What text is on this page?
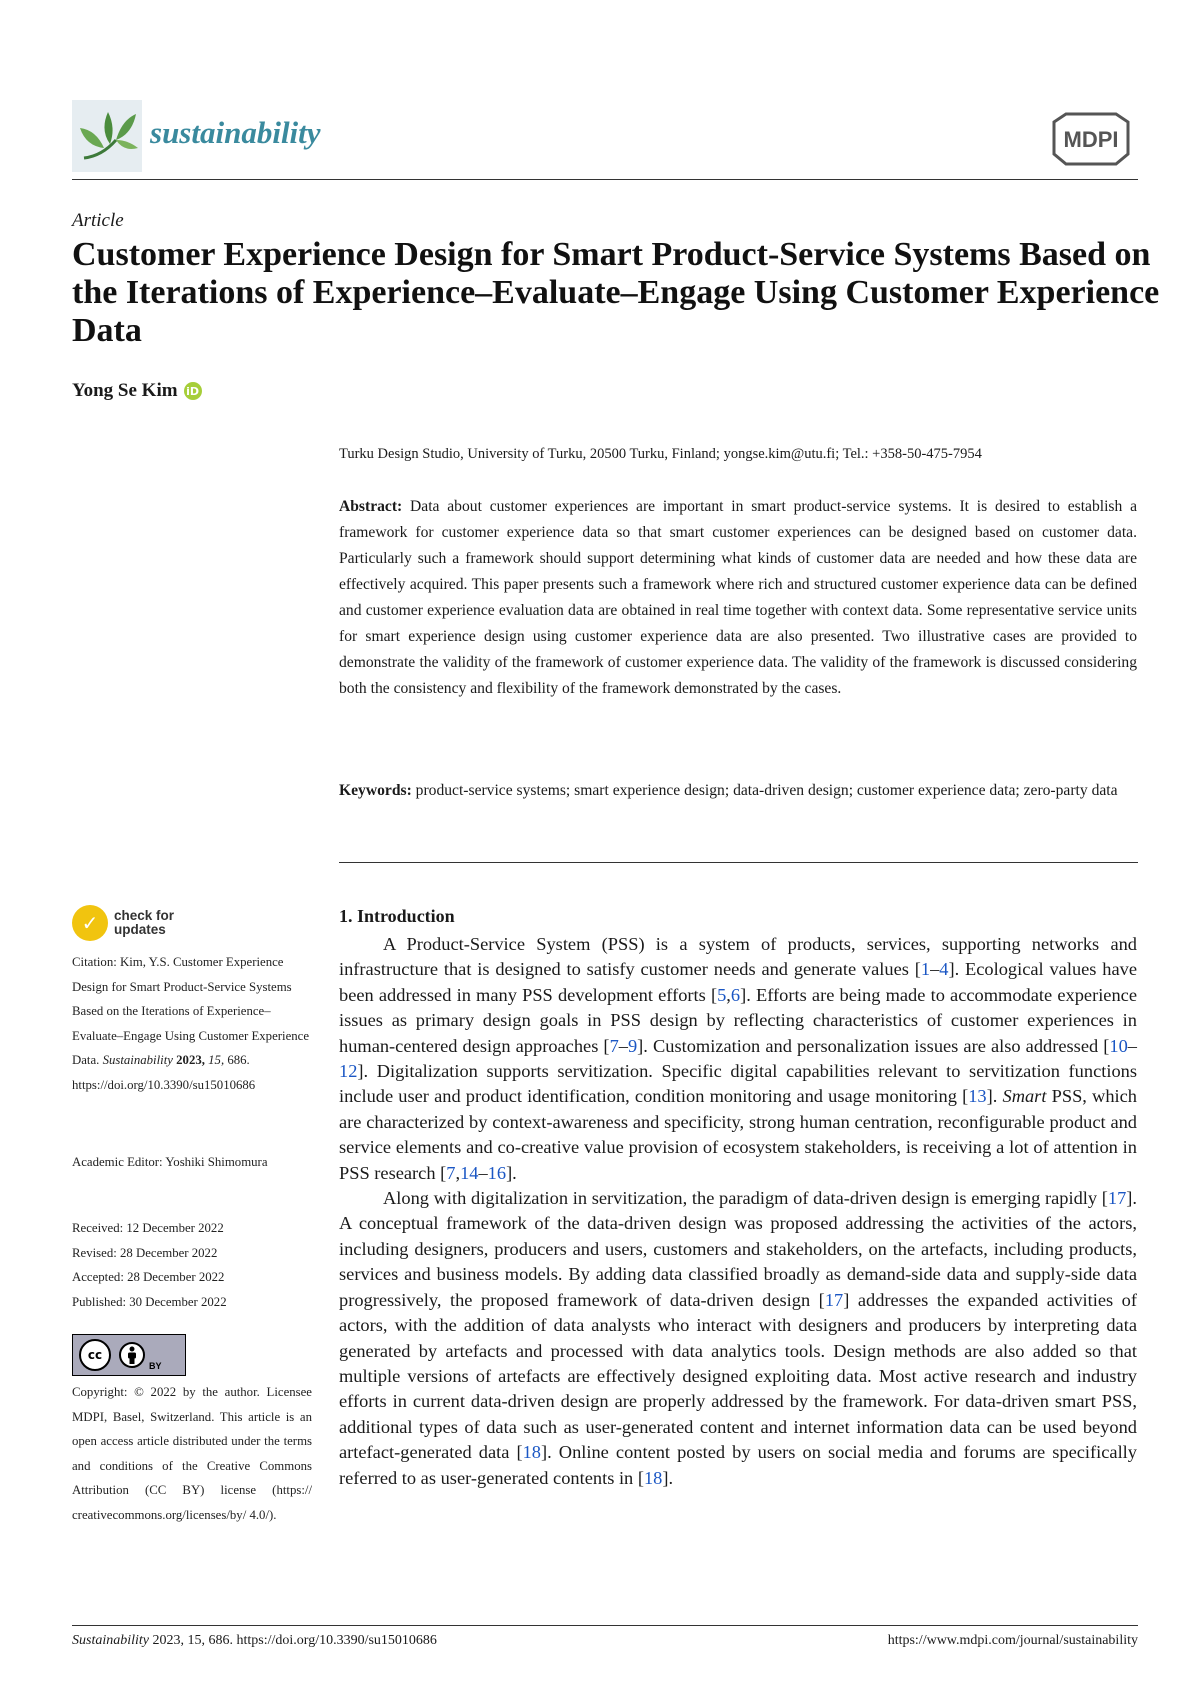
sustainability	MDPI
Article
Customer Experience Design for Smart Product-Service Systems Based on the Iterations of Experience–Evaluate–Engage Using Customer Experience Data
Yong Se Kim iD
Turku Design Studio, University of Turku, 20500 Turku, Finland; yongse.kim@utu.fi; Tel.: +358-50-475-7954
Abstract: Data about customer experiences are important in smart product-service systems. It is desired to establish a framework for customer experience data so that smart customer experiences can be designed based on customer data. Particularly such a framework should support determining what kinds of customer data are needed and how these data are effectively acquired. This paper presents such a framework where rich and structured customer experience data can be defined and customer experience evaluation data are obtained in real time together with context data. Some representative service units for smart experience design using customer experience data are also presented. Two illustrative cases are provided to demonstrate the validity of the framework of customer experience data. The validity of the framework is discussed considering both the consistency and flexibility of the framework demonstrated by the cases.
Keywords: product-service systems; smart experience design; data-driven design; customer experience data; zero-party data
✓	check for updates

Citation: Kim, Y.S. Customer Experience Design for Smart Product-Service Systems Based on the Iterations of Experience–Evaluate–Engage Using Customer Experience Data. Sustainability 2023, 15, 686. https://doi.org/10.3390/su15010686

Academic Editor: Yoshiki Shimomura

Received: 12 December 2022

Revised: 28 December 2022

Accepted: 28 December 2022

Published: 30 December 2022

cc
BY
Copyright: © 2022 by the author. Licensee MDPI, Basel, Switzerland. This article is an open access article distributed under the terms and conditions of the Creative Commons Attribution (CC BY) license (https:// creativecommons.org/licenses/by/ 4.0/).
1. Introduction

A Product-Service System (PSS) is a system of products, services, supporting networks and infrastructure that is designed to satisfy customer needs and generate values [1–4]. Ecological values have been addressed in many PSS development efforts [5,6]. Efforts are being made to accommodate experience issues as primary design goals in PSS design by reflecting characteristics of customer experiences in human-centered design approaches [7–9]. Customization and personalization issues are also addressed [10–12]. Digitalization supports servitization. Specific digital capabilities relevant to servitization functions include user and product identification, condition monitoring and usage monitoring [13]. Smart PSS, which are characterized by context-awareness and specificity, strong human centration, reconfigurable product and service elements and co-creative value provision of ecosystem stakeholders, is receiving a lot of attention in PSS research [7,14–16].

Along with digitalization in servitization, the paradigm of data-driven design is emerging rapidly [17]. A conceptual framework of the data-driven design was proposed addressing the activities of the actors, including designers, producers and users, customers and stakeholders, on the artefacts, including products, services and business models. By adding data classified broadly as demand-side data and supply-side data progressively, the proposed framework of data-driven design [17] addresses the expanded activities of actors, with the addition of data analysts who interact with designers and producers by interpreting data generated by artefacts and processed with data analytics tools. Design methods are also added so that multiple versions of artefacts are effectively designed exploiting data. Most active research and industry efforts in current data-driven design are properly addressed by the framework. For data-driven smart PSS, additional types of data such as user-generated content and internet information data can be used beyond artefact-generated data [18]. Online content posted by users on social media and forums are specifically referred to as user-generated contents in [18].

Sustainability 2023, 15, 686. https://doi.org/10.3390/su15010686	https://www.mdpi.com/journal/sustainability
